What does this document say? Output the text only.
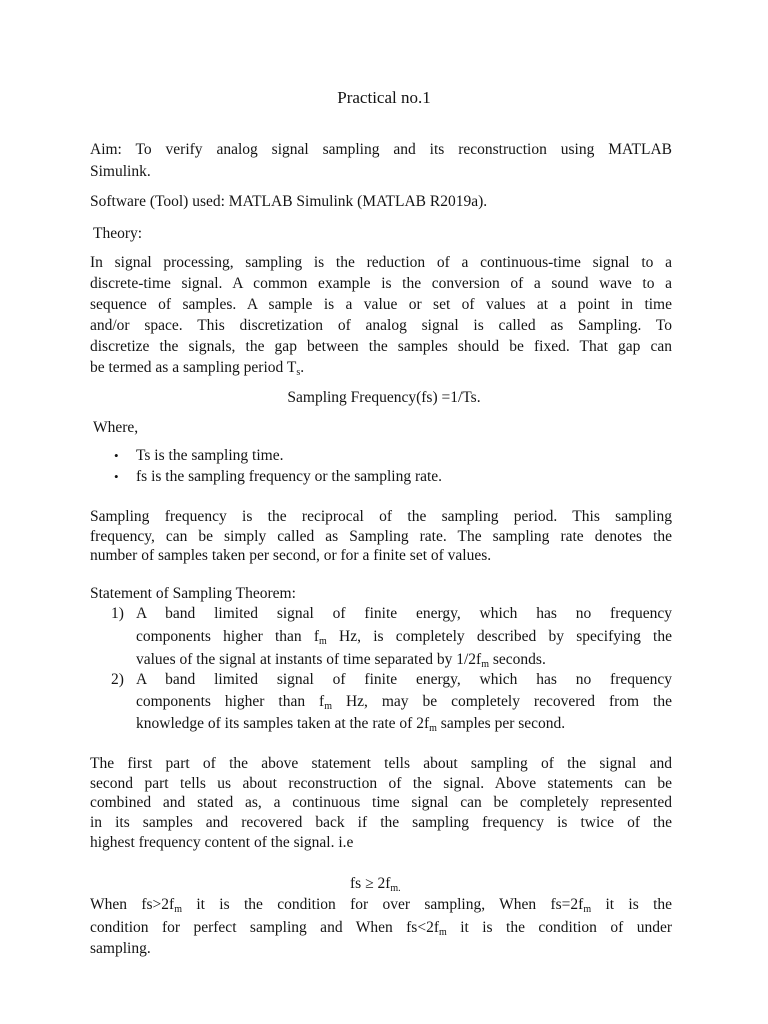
Practical no.1
Aim: To verify analog signal sampling and its reconstruction using MATLAB
Simulink.
Software (Tool) used: MATLAB Simulink (MATLAB R2019a).
Theory:
In signal processing, sampling is the reduction of a continuous-time signal to a
discrete-time signal. A common example is the conversion of a sound wave to a
sequence of samples. A sample is a value or set of values at a point in time
and/or space. This discretization of analog signal is called as Sampling. To
discretize the signals, the gap between the samples should be fixed. That gap can
be termed as a sampling period $T_s$.
Sampling Frequency(fs) =1/Ts.
Where,
•	Ts is the sampling time.
•	fs is the sampling frequency or the sampling rate.
Sampling frequency is the reciprocal of the sampling period. This sampling
frequency, can be simply called as Sampling rate. The sampling rate denotes the
number of samples taken per second, or for a finite set of values.
Statement of Sampling Theorem:
1) A band limited signal of finite energy, which has no frequency
components higher than $f_m$ Hz, is completely described by specifying the
values of the signal at instants of time separated by $1/2f_m$ seconds.
2) A band limited signal of finite energy, which has no frequency
components higher than $f_m$ Hz, may be completely recovered from the
knowledge of its samples taken at the rate of $2f_m$ samples per second.
The first part of the above statement tells about sampling of the signal and
second part tells us about reconstruction of the signal. Above statements can be
combined and stated as, a continuous time signal can be completely represented
in its samples and recovered back if the sampling frequency is twice of the
highest frequency content of the signal. i.e
fs ≥ $2f_{m.}$
When $fs>2f_m$ it is the condition for over sampling, When $fs=2f_m$ it is the
condition for perfect sampling and When $fs<2f_m$ it is the condition of under
sampling.
